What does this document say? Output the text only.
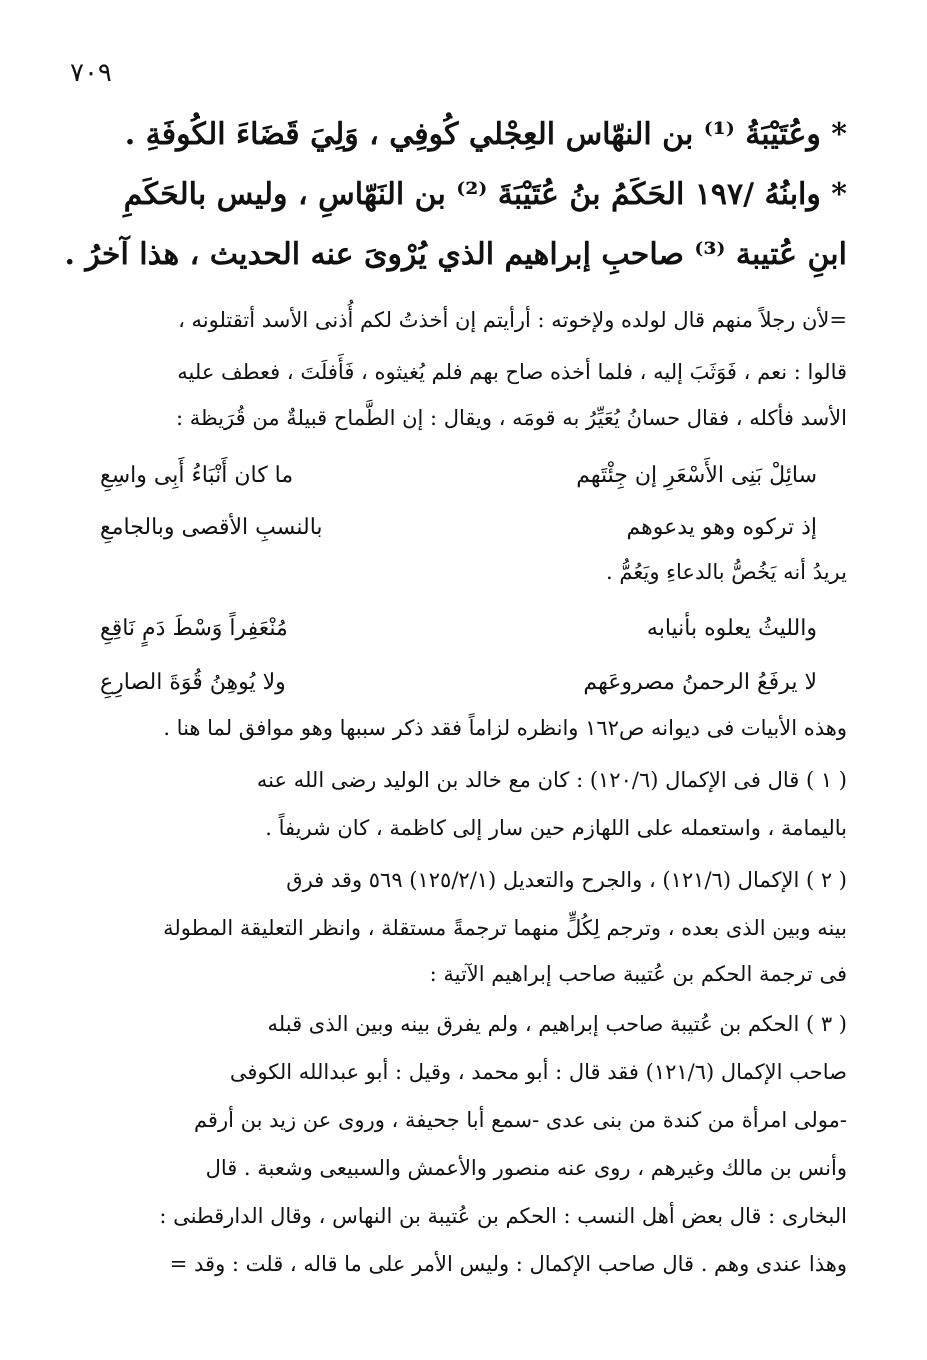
٧٠٩
* وعُتَيْبَةُ ⁽¹⁾ بن النهّاس العِجْلي كُوفِي ، وَلِيَ قَضَاءَ الكُوفَةِ .
* وابنُهُ /١٩٧ الحَكَمُ بنُ عُتَيْبَةَ ⁽²⁾ بن النَهّاسِ ، وليس بالحَكَمِ
ابنِ عُتيبة ⁽³⁾ صاحبِ إبراهيم الذي يُرْوىَ عنه الحديث ، هذا آخرُ .
=لأن رجلاً منهم قال لولده ولإخوته : أرأيتم إن أخذتُ لكم أُذنى الأسد أتقتلونه ،
قالوا : نعم ، فَوَثَبَ إليه ، فلما أخذه صاح بهم فلم يُغيثوه ، فَأَفلَتَ ، فعطف عليه
الأسد فأكله ، فقال حسانُ يُعَيِّرُ به قومَه ، ويقال : إن الطَّماح قبيلةٌ من قُرَيظة :
سائِلْ بَنِى الأَسْعَرِ إن جِئْتَهم
ما كان أَنْبَاءُ أَبِى واسِعِ
إذ تركوه وهو يدعوهم
بالنسبِ الأقصى وبالجامعِ
يريدُ أنه يَخُصُّ بالدعاءِ ويَعُمُّ .
والليثُ يعلوه بأنيابه
مُنْعَفِراً وَسْطَ دَمٍ نَاقِعِ
لا يرفَعُ الرحمنُ مصروعَهم
ولا يُوهِنُ قُوَةَ الصارِعِ
وهذه الأبيات فى ديوانه ص١٦٢ وانظره لزاماً فقد ذكر سببها وهو موافق لما هنا .
( ١ ) قال فى الإكمال (١٢٠/٦) : كان مع خالد بن الوليد رضى الله عنه
باليمامة ، واستعمله على اللهازم حين سار إلى كاظمة ، كان شريفاً .
( ٢ ) الإكمال (١٢١/٦) ، والجرح والتعديل (١٢٥/٢/١) ٥٦٩ وقد فرق
بينه وبين الذى بعده ، وترجم لِكُلٍّ منهما ترجمةً مستقلة ، وانظر التعليقة المطولة
فى ترجمة الحكم بن عُتيبة صاحب إبراهيم الآتية :
( ٣ ) الحكم بن عُتيبة صاحب إبراهيم ، ولم يفرق بينه وبين الذى قبله
صاحب الإكمال (١٢١/٦) فقد قال : أبو محمد ، وقيل : أبو عبدالله الكوفى
-مولى امرأة من كندة من بنى عدى -سمع أبا جحيفة ، وروى عن زيد بن أرقم
وأنس بن مالك وغيرهم ، روى عنه منصور والأعمش والسبيعى وشعبة . قال
البخارى : قال بعض أهل النسب : الحكم بن عُتيبة بن النهاس ، وقال الدارقطنى :
وهذا عندى وهم . قال صاحب الإكمال : وليس الأمر على ما قاله ، قلت : وقد =
